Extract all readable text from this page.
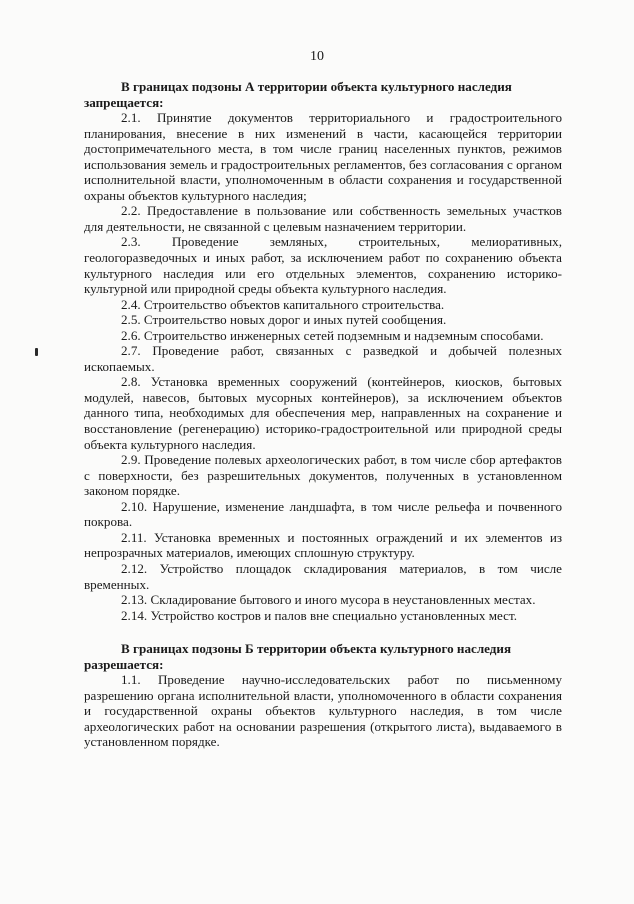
10

В границах подзоны А территории объекта культурного наследия
запрещается:

2.1. Принятие документов территориального и градостроительного планирования, внесение в них изменений в части, касающейся территории достопримечательного места, в том числе границ населенных пунктов, режимов использования земель и градостроительных регламентов, без согласования с органом исполнительной власти, уполномоченным в области сохранения и государственной охраны объектов культурного наследия;

2.2. Предоставление в пользование или собственность земельных участков для деятельности, не связанной с целевым назначением территории.

2.3. Проведение земляных, строительных, мелиоративных, геологоразведочных и иных работ, за исключением работ по сохранению объекта культурного наследия или его отдельных элементов, сохранению историко-культурной или природной среды объекта культурного наследия.

2.4. Строительство объектов капитального строительства.

2.5. Строительство новых дорог и иных путей сообщения.

2.6. Строительство инженерных сетей подземным и надземным способами.

2.7. Проведение работ, связанных с разведкой и добычей полезных ископаемых.

2.8. Установка временных сооружений (контейнеров, киосков, бытовых модулей, навесов, бытовых мусорных контейнеров), за исключением объектов данного типа, необходимых для обеспечения мер, направленных на сохранение и восстановление (регенерацию) историко-градостроительной или природной среды объекта культурного наследия.

2.9. Проведение полевых археологических работ, в том числе сбор артефактов с поверхности, без разрешительных документов, полученных в установленном законом порядке.

2.10. Нарушение, изменение ландшафта, в том числе рельефа и почвенного покрова.

2.11. Установка временных и постоянных ограждений и их элементов из непрозрачных материалов, имеющих сплошную структуру.

2.12. Устройство площадок складирования материалов, в том числе временных.

2.13. Складирование бытового и иного мусора в неустановленных местах.

2.14. Устройство костров и палов вне специально установленных мест.

В границах подзоны Б территории объекта культурного наследия
разрешается:

1.1. Проведение научно-исследовательских работ по письменному разрешению органа исполнительной власти, уполномоченного в области сохранения и государственной охраны объектов культурного наследия, в том числе археологических работ на основании разрешения (открытого листа), выдаваемого в установленном порядке.
